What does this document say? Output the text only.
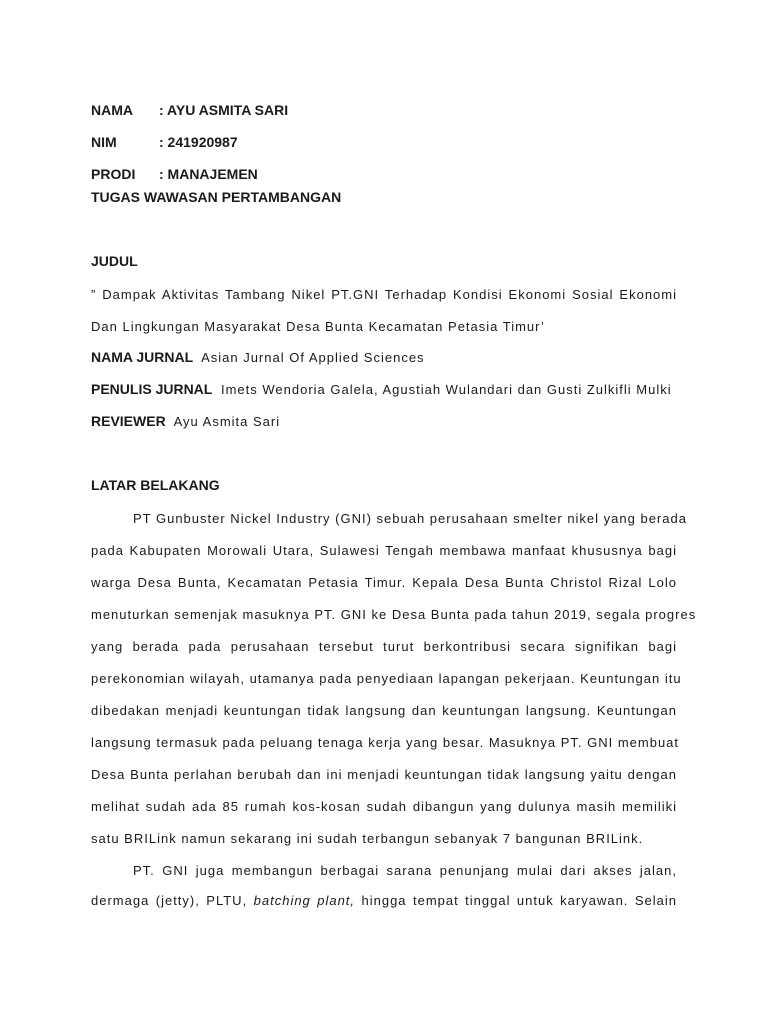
NAMA	: AYU ASMITA SARI
NIM	: 241920987
PRODI	: MANAJEMEN
TUGAS WAWASAN PERTAMBANGAN
JUDUL
” Dampak Aktivitas Tambang Nikel PT.GNI Terhadap Kondisi Ekonomi Sosial Ekonomi
Dan Lingkungan Masyarakat Desa Bunta Kecamatan Petasia Timur’
NAMA JURNAL Asian Jurnal Of Applied Sciences
PENULIS JURNAL Imets Wendoria Galela, Agustiah Wulandari dan Gusti Zulkifli Mulki
REVIEWER Ayu Asmita Sari
LATAR BELAKANG
PT Gunbuster Nickel Industry (GNI) sebuah perusahaan smelter nikel yang berada
pada Kabupaten Morowali Utara, Sulawesi Tengah membawa manfaat khususnya bagi
warga Desa Bunta, Kecamatan Petasia Timur. Kepala Desa Bunta Christol Rizal Lolo
menuturkan semenjak masuknya PT. GNI ke Desa Bunta pada tahun 2019, segala progres
yang berada pada perusahaan tersebut turut berkontribusi secara signifikan bagi
perekonomian wilayah, utamanya pada penyediaan lapangan pekerjaan. Keuntungan itu
dibedakan menjadi keuntungan tidak langsung dan keuntungan langsung. Keuntungan
langsung termasuk pada peluang tenaga kerja yang besar. Masuknya PT. GNI membuat
Desa Bunta perlahan berubah dan ini menjadi keuntungan tidak langsung yaitu dengan
melihat sudah ada 85 rumah kos-kosan sudah dibangun yang dulunya masih memiliki
satu BRILink namun sekarang ini sudah terbangun sebanyak 7 bangunan BRILink.
PT. GNI juga membangun berbagai sarana penunjang mulai dari akses jalan,
dermaga (jetty), PLTU, batching plant, hingga tempat tinggal untuk karyawan. Selain
